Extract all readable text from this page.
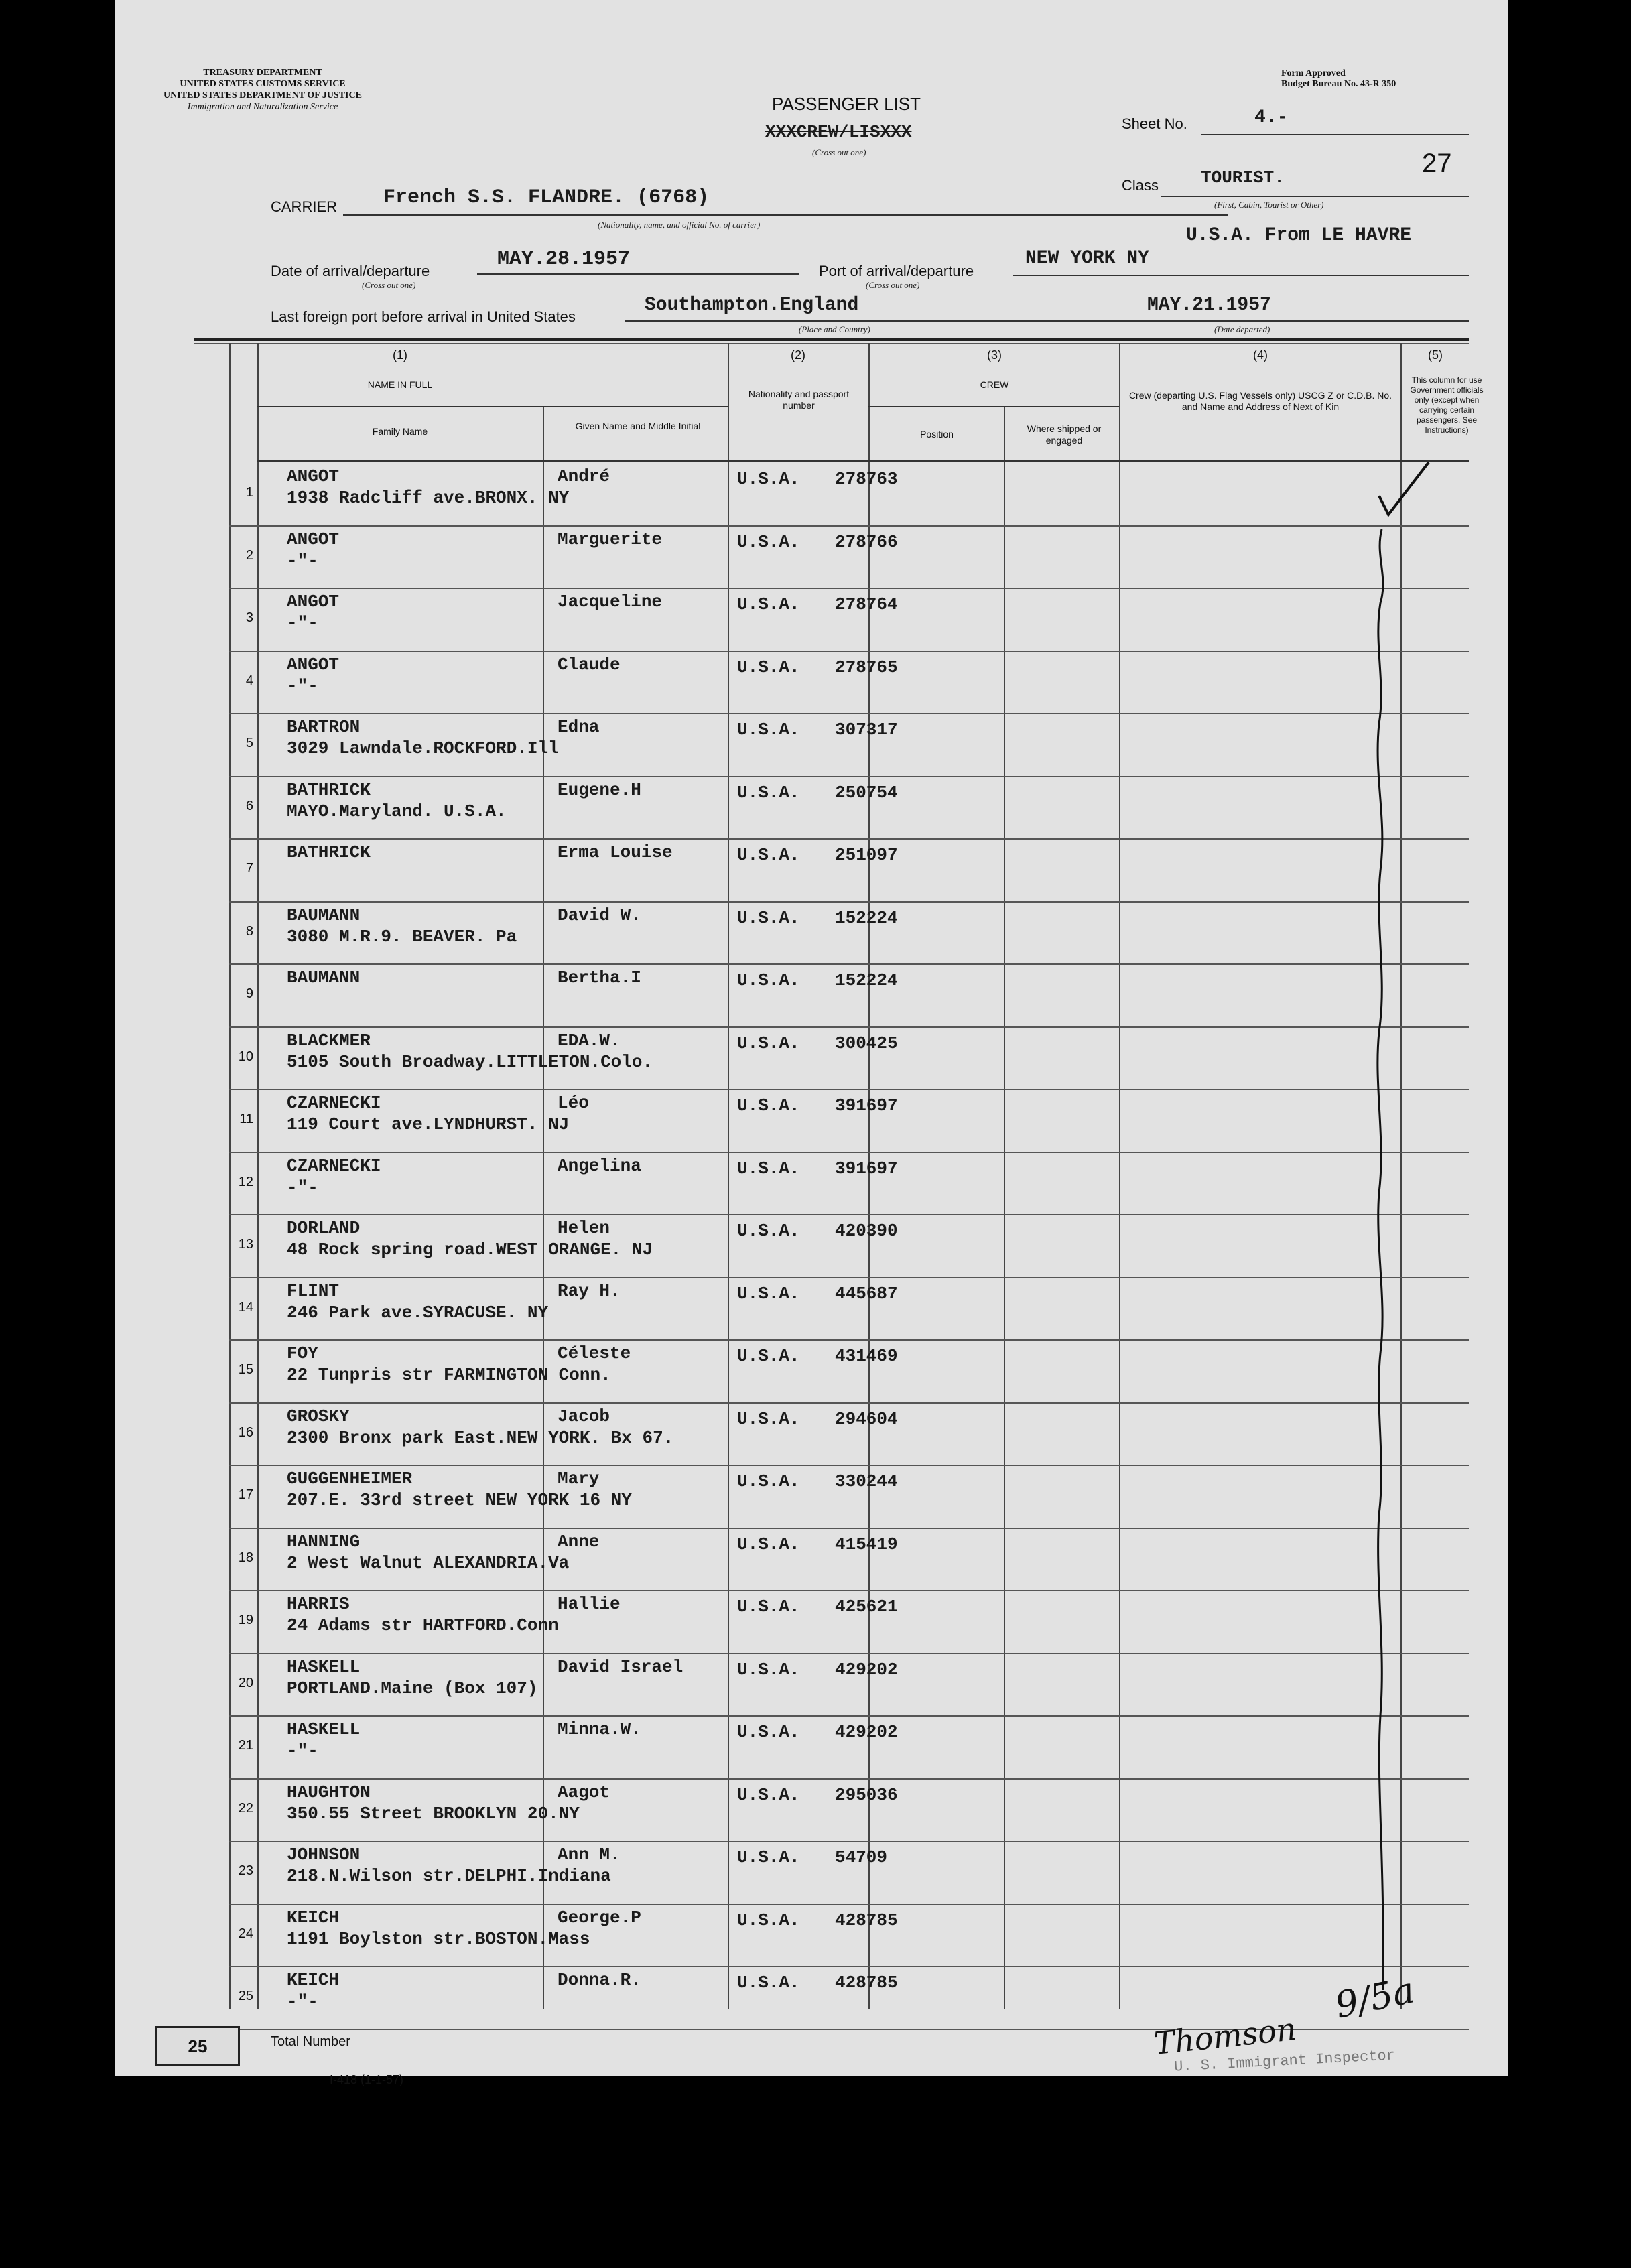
TREASURY DEPARTMENT
UNITED STATES CUSTOMS SERVICE
UNITED STATES DEPARTMENT OF JUSTICE
Immigration and Naturalization Service	PASSENGER LIST
XXXCREW/LISXXX
(Cross out one)
Form Approved
Budget Bureau No. 43-R 350
Sheet No.	4.-
27
Class TOURIST.
(First, Cabin, Tourist or Other)
CARRIER French S.S. FLANDRE. (6768)
(Nationality, name, and official No. of carrier)
U.S.A. From LE HAVRE
Date of arrival/departure
MAY.28.1957
(Cross out one)
Port of arrival/departure
NEW YORK NY
(Cross out one)
Last foreign port before arrival in United States
Southampton.England
(Place and Country)
MAY.21.1957
(Date departed)
(1)
NAME IN FULL
Family Name	Given Name and Middle Initial
(2)
Nationality and passport number
(3)
CREW
Position	Where shipped or engaged
(4)
Crew (departing U.S. Flag Vessels only) USCG Z or C.D.B. No. and Name and Address of Next of Kin
(5)
This column for use Government officials only (except when carrying certain passengers. See Instructions)
1
ANGOT
1938 Radcliff ave.BRONX. NY
André	U.S.A. 278763
2
ANGOT
-"-
Marguerite	U.S.A. 278766
3
ANGOT
-"-
Jacqueline	U.S.A. 278764
4
ANGOT
-"-
Claude	U.S.A. 278765
5
BARTRON
3029 Lawndale.ROCKFORD.Ill
Edna	U.S.A. 307317
6
BATHRICK
MAYO.Maryland. U.S.A.
Eugene.H	U.S.A. 250754
7
BATHRICK	Erma Louise	U.S.A. 251097
8
BAUMANN
3080 M.R.9. BEAVER. Pa
David W.	U.S.A. 152224
9
BAUMANN	Bertha.I	U.S.A. 152224
10
BLACKMER
5105 South Broadway.LITTLETON.Colo.
EDA.W.	U.S.A. 300425
11
CZARNECKI
119 Court ave.LYNDHURST. NJ
Léo	U.S.A. 391697
12
CZARNECKI
-"-
Angelina	U.S.A. 391697
13
DORLAND
48 Rock spring road.WEST ORANGE. NJ
Helen	U.S.A. 420390
14
FLINT
246 Park ave.SYRACUSE. NY
Ray H.	U.S.A. 445687
15
FOY
22 Tunpris str FARMINGTON Conn.
Céleste	U.S.A. 431469
16
GROSKY
2300 Bronx park East.NEW YORK. Bx 67.
Jacob	U.S.A. 294604
17
GUGGENHEIMER
207.E. 33rd street NEW YORK 16 NY
Mary	U.S.A. 330244
18
HANNING
2 West Walnut ALEXANDRIA.Va
Anne	U.S.A. 415419
19
HARRIS
24 Adams str HARTFORD.Conn
Hallie	U.S.A. 425621
20
HASKELL
PORTLAND.Maine (Box 107)
David Israel	U.S.A. 429202
21
HASKELL
-"-
Minna.W.	U.S.A. 429202
22
HAUGHTON
350.55 Street BROOKLYN 20.NY
Aagot	U.S.A. 295036
23
JOHNSON
218.N.Wilson str.DELPHI.Indiana
Ann M.	U.S.A. 54709
24
KEICH
1191 Boylston str.BOSTON.Mass
George.P	U.S.A. 428785
25
KEICH
-"-
Donna.R.	U.S.A. 428785
25	Total Number
I-418 (1-1-57)
9/5a
Thomson
U. S. Immigrant Inspector
